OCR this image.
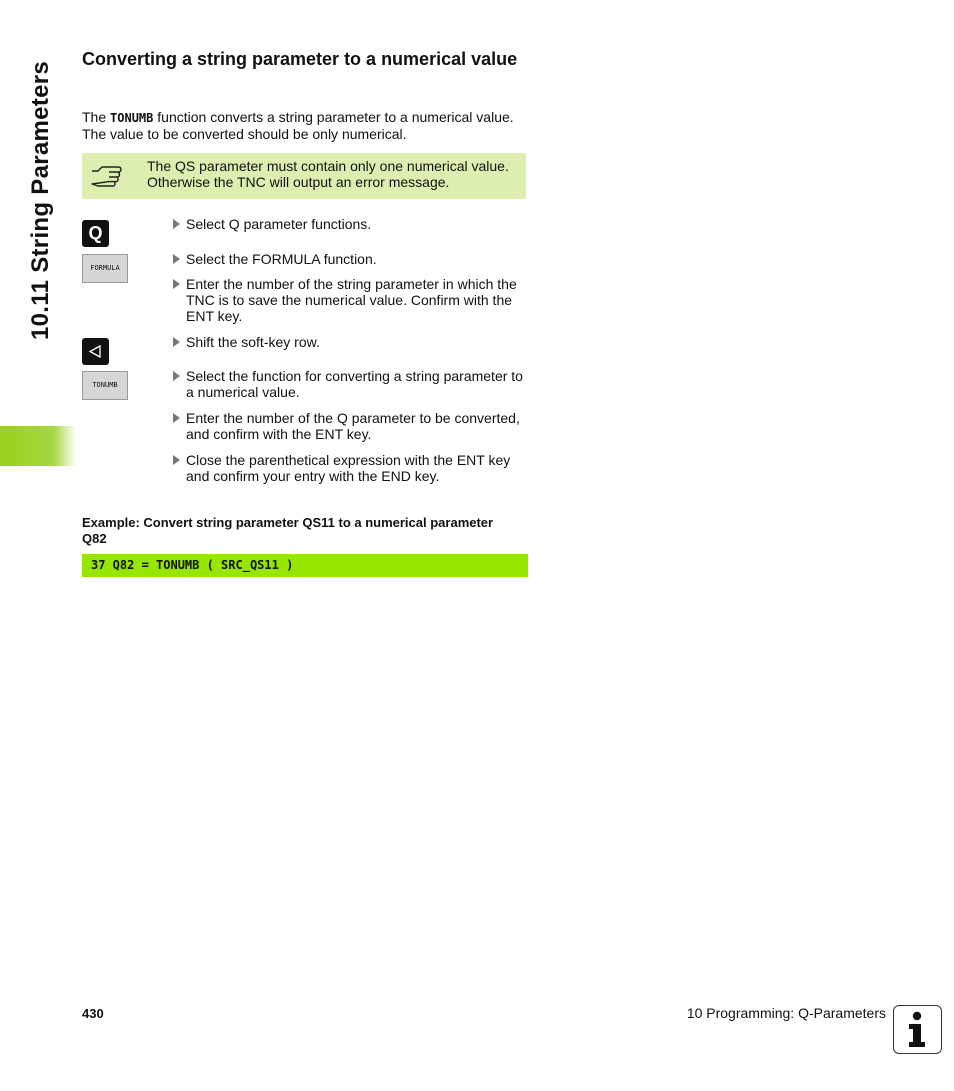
10.11 String Parameters
Converting a string parameter to a numerical value
The TONUMB function converts a string parameter to a numerical value. The value to be converted should be only numerical.
The QS parameter must contain only one numerical value. Otherwise the TNC will output an error message.
Q
FORMULA
TONUMB
Select Q parameter functions.
Select the FORMULA function.
Enter the number of the string parameter in which the TNC is to save the numerical value. Confirm with the ENT key.
Shift the soft-key row.
Select the function for converting a string parameter to a numerical value.
Enter the number of the Q parameter to be converted, and confirm with the ENT key.
Close the parenthetical expression with the ENT key and confirm your entry with the END key.
Example: Convert string parameter QS11 to a numerical parameter Q82
37 Q82 = TONUMB ( SRC_QS11 )
430	10 Programming: Q-Parameters
